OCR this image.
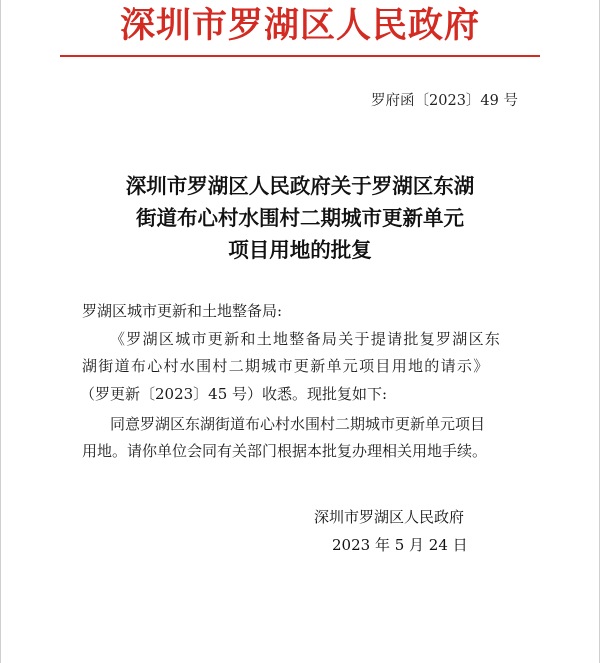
深圳市罗湖区人民政府
罗府函〔2023〕49 号
深圳市罗湖区人民政府关于罗湖区东湖
街道布心村水围村二期城市更新单元
项目用地的批复
罗湖区城市更新和土地整备局:
《罗湖区城市更新和土地整备局关于提请批复罗湖区东
湖街道布心村水围村二期城市更新单元项目用地的请示》
（罗更新〔2023〕45 号）收悉。现批复如下:
同意罗湖区东湖街道布心村水围村二期城市更新单元项目
用地。请你单位会同有关部门根据本批复办理相关用地手续。
深圳市罗湖区人民政府
2023 年 5 月 24 日
